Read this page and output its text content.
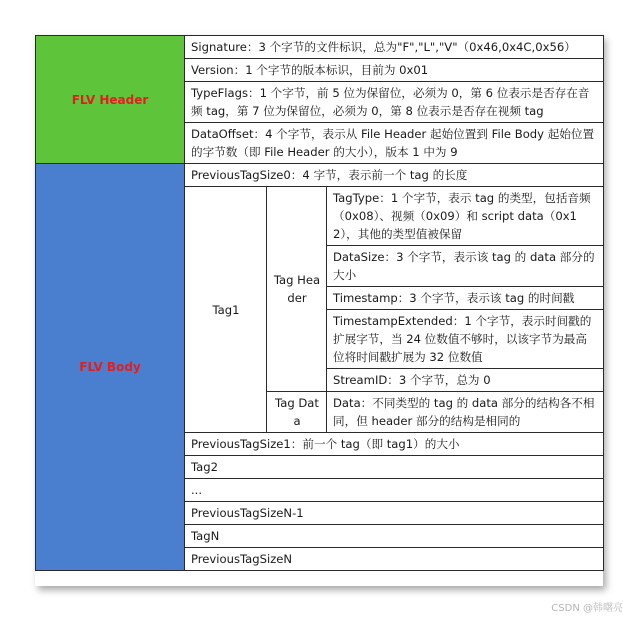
FLV Header	Signature：3 个字节的文件标识，总为"F","L","V"（0x46,0x4C,0x56）		
	Version：1 个字节的版本标识，目前为 0x01		
	TypeFlags：1 个字节，前 5 位为保留位，必须为 0，第 6 位表示是否存在音频 tag，第 7 位为保留位，必须为 0，第 8 位表示是否存在视频 tag		
	DataOffset：4 个字节，表示从 File Header 起始位置到 File Body 起始位置的字节数（即 File Header 的大小），版本 1 中为 9		
FLV Body	PreviousTagSize0：4 字节，表示前一个 tag 的长度		
	Tag1	Tag Header	TagType：1 个字节，表示 tag 的类型，包括音频（0x08）、视频（0x09）和 script data（0x12），其他的类型值被保留
			DataSize：3 个字节，表示该 tag 的 data 部分的大小
			Timestamp：3 个字节，表示该 tag 的时间戳
			TimestampExtended：1 个字节，表示时间戳的扩展字节，当 24 位数值不够时，以该字节为最高位将时间戳扩展为 32 位数值
			StreamID：3 个字节，总为 0
		Tag Data	Data：不同类型的 tag 的 data 部分的结构各不相同，但 header 部分的结构是相同的
	PreviousTagSize1：前一个 tag（即 tag1）的大小		
	Tag2		
	...		
	PreviousTagSizeN-1		
	TagN		
	PreviousTagSizeN		
CSDN @韩曙亮
